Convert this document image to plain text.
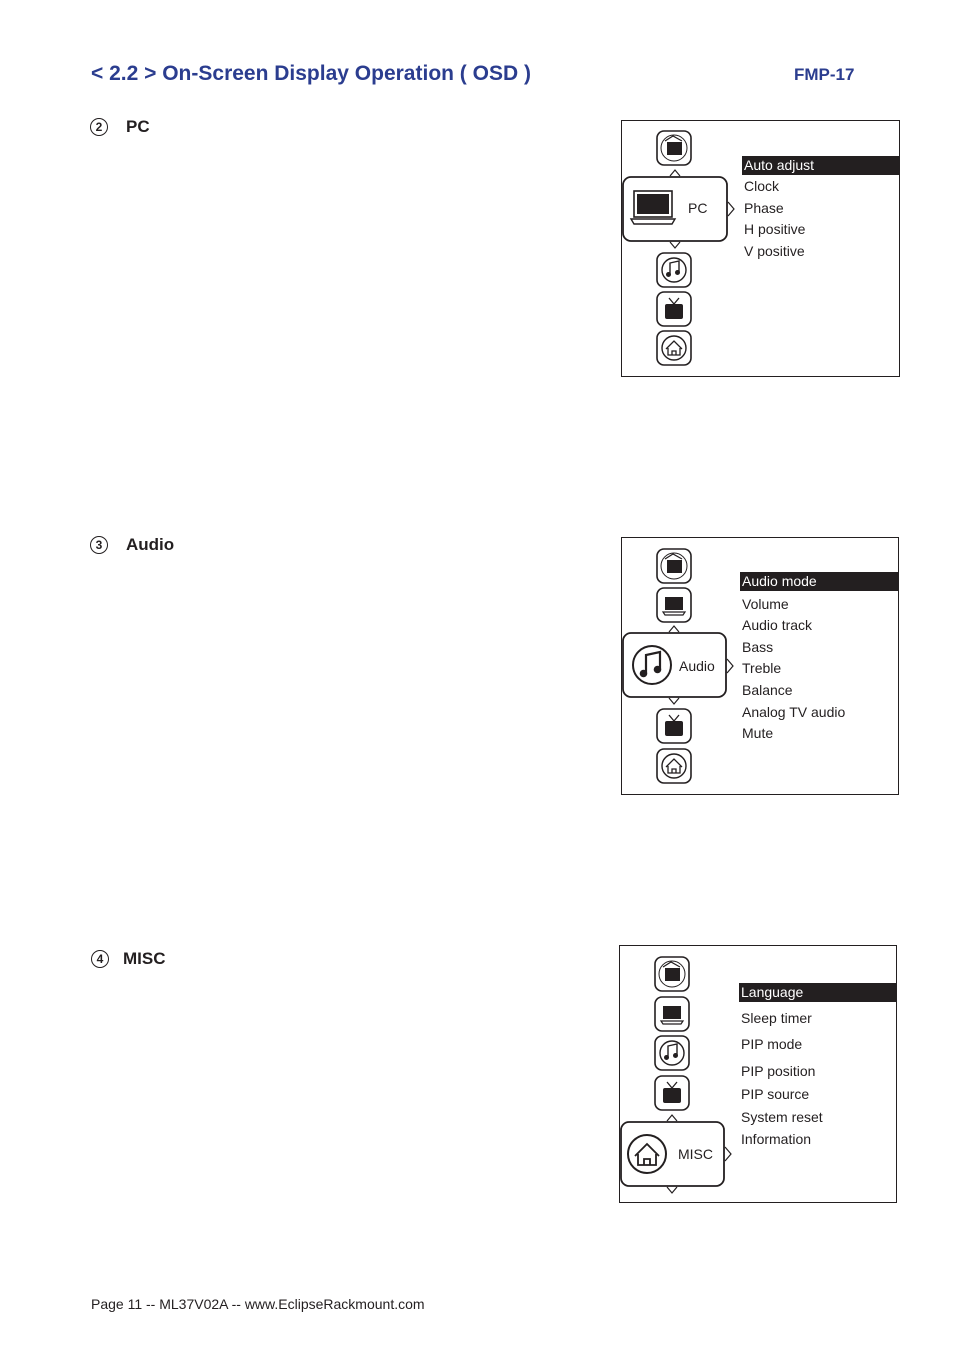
< 2.2 > On-Screen Display Operation ( OSD )	FMP-17
2	PC
PC
Auto adjust
Clock
Phase
H positive
V positive
3	Audio
Audio
Audio mode
Volume
Audio track
Bass
Treble
Balance
Analog TV audio
Mute
4	MISC
MISC
Language
Sleep timer
PIP mode
PIP position
PIP source
System reset
Information
Page 11 -- ML37V02A -- www.EclipseRackmount.com
